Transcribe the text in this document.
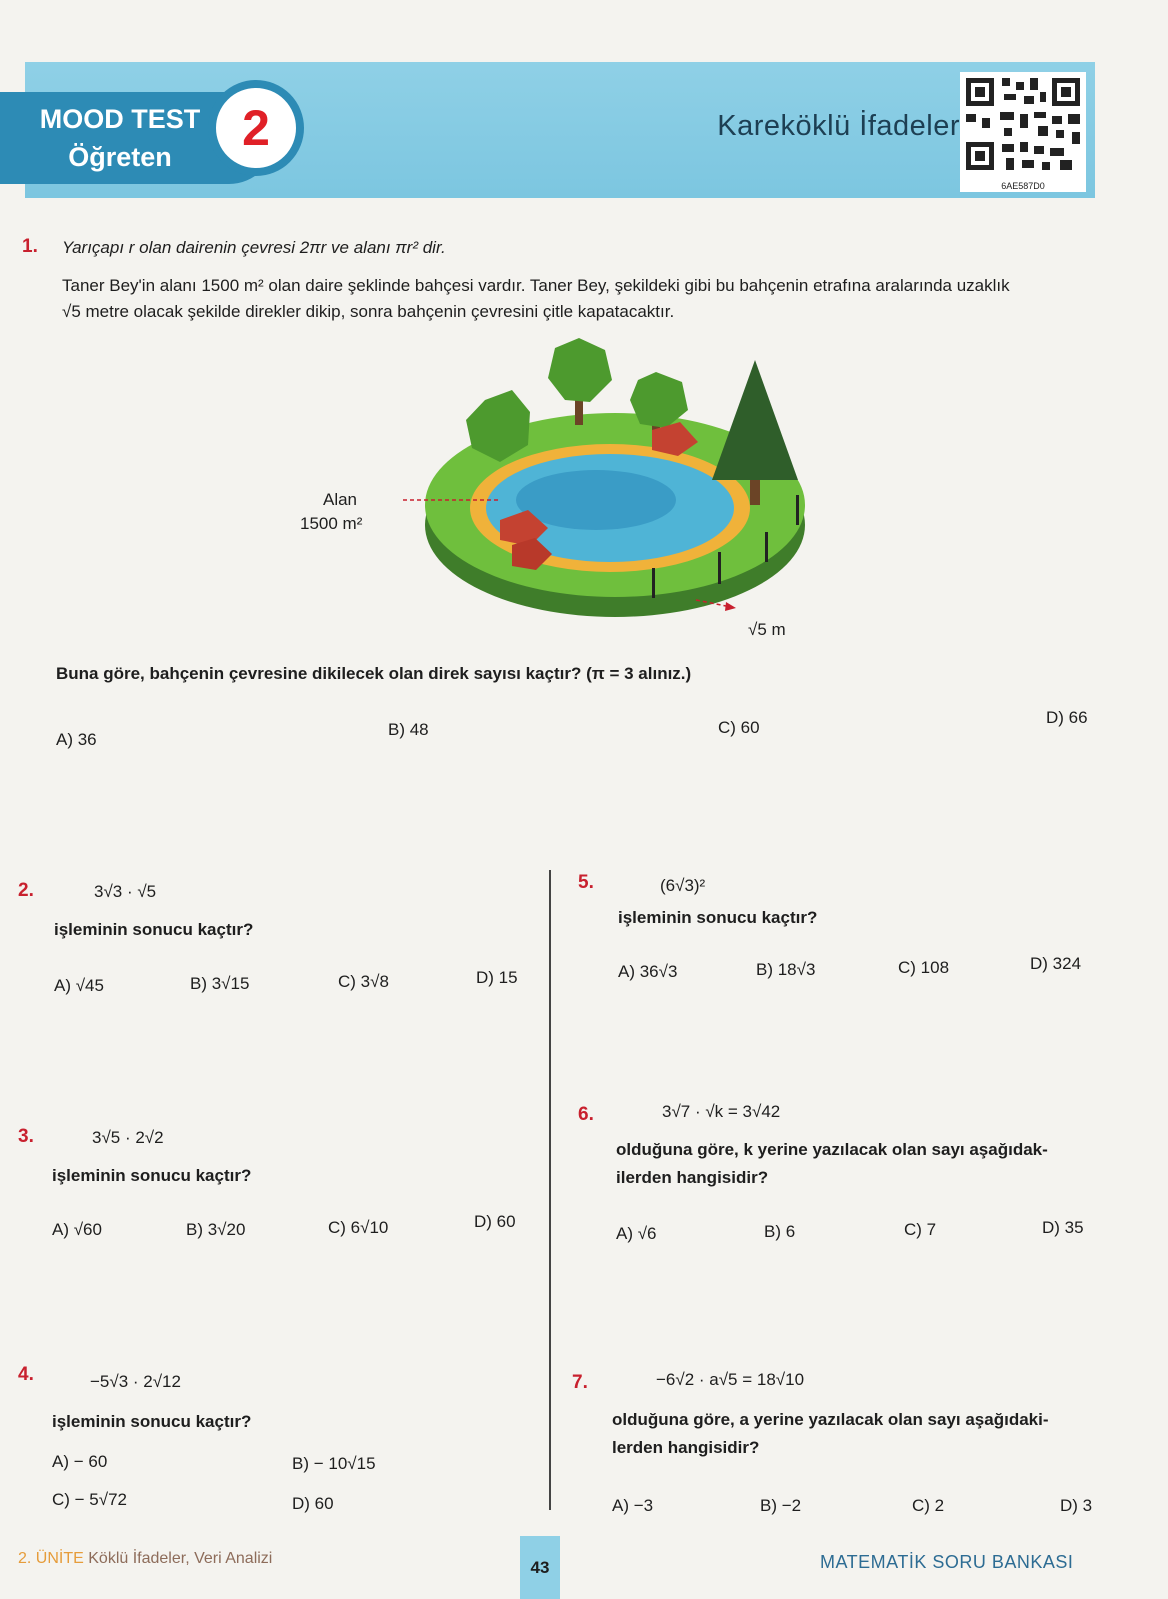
MOOD TEST
Öğreten
2	Kareköklü İfadeler
6AE587D0
1. Yarıçapı r olan dairenin çevresi 2πr ve alanı πr² dir.
Taner Bey'in alanı 1500 m² olan daire şeklinde bahçesi vardır. Taner Bey, şekildeki gibi bu bahçenin etrafına aralarında uzaklık
√5 metre olacak şekilde direkler dikip, sonra bahçenin çevresini çitle kapatacaktır.
Alan
1500 m²
√5 m
Buna göre, bahçenin çevresine dikilecek olan direk sayısı kaçtır? (π = 3 alınız.)
A) 36
B) 48	C) 60
D) 66
2.	3√3 · √5
işleminin sonucu kaçtır?
A) √45	B) 3√15	C) 3√8	D) 15
3.	3√5 · 2√2
işleminin sonucu kaçtır?
A) √60	B) 3√20	C) 6√10	D) 60
4.	−5√3 · 2√12
işleminin sonucu kaçtır?
A) − 60	B) − 10√15
C) − 5√72	D) 60
5.	(6√3)²
işleminin sonucu kaçtır?
A) 36√3	B) 18√3	C) 108	D) 324
6.	3√7 · √k = 3√42
olduğuna göre, k yerine yazılacak olan sayı aşağıdak-
ilerden hangisidir?
A) √6	B) 6	C) 7	D) 35
7.	−6√2 · a√5 = 18√10
olduğuna göre, a yerine yazılacak olan sayı aşağıdaki-
lerden hangisidir?
A) −3	B) −2	C) 2	D) 3
2. ÜNİTE Köklü İfadeler, Veri Analizi	43	MATEMATİK SORU BANKASI
